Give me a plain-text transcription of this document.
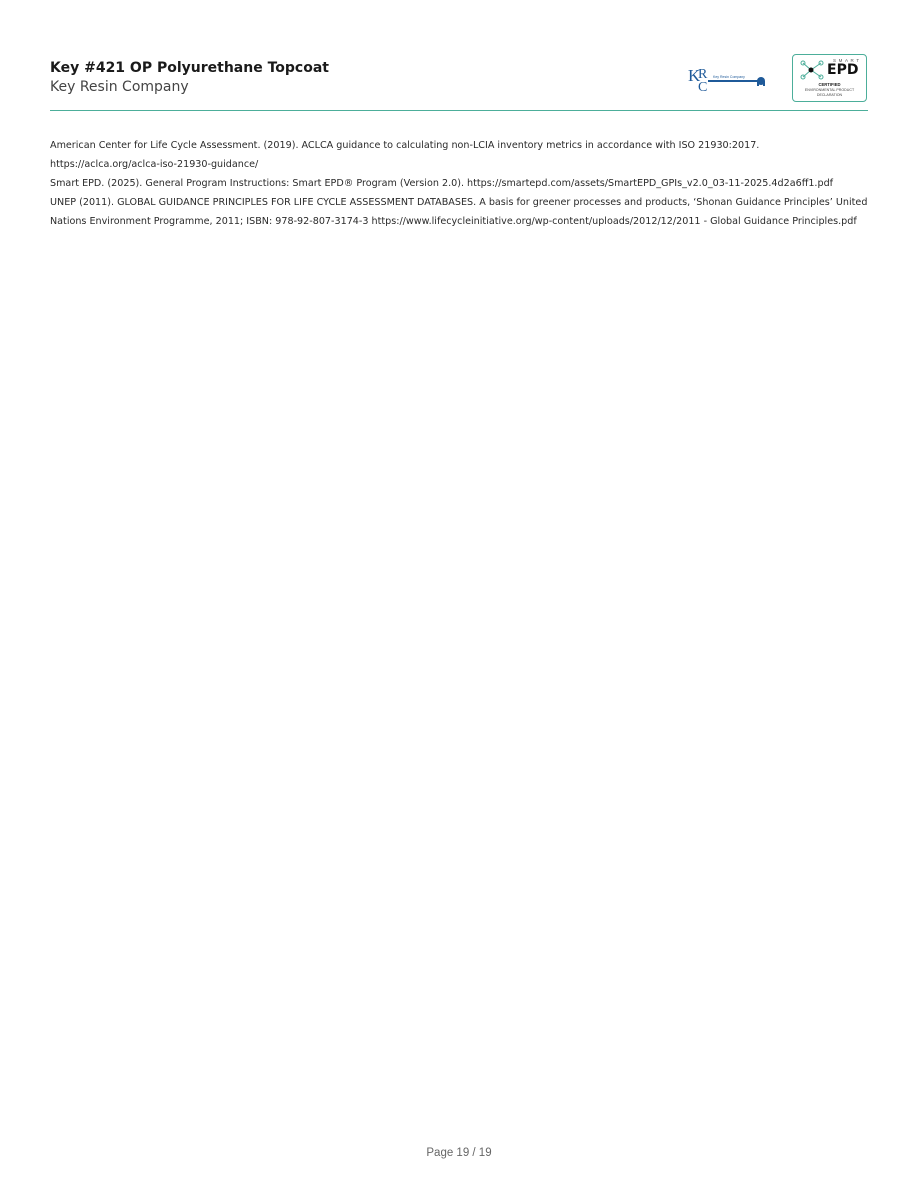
Key #421 OP Polyurethane Topcoat
Key Resin Company
K
R
C
Key Resin Company
SMART
EPD
CERTIFIED
ENVIRONMENTAL PRODUCT
DECLARATION

American Center for Life Cycle Assessment. (2019). ACLCA guidance to calculating non-LCIA inventory metrics in accordance with ISO 21930:2017. https://aclca.org/aclca-iso-21930-guidance/

Smart EPD. (2025). General Program Instructions: Smart EPD® Program (Version 2.0). https://smartepd.com/assets/SmartEPD_GPIs_v2.0_03-11-2025.4d2a6ff1.pdf

UNEP (2011). GLOBAL GUIDANCE PRINCIPLES FOR LIFE CYCLE ASSESSMENT DATABASES. A basis for greener processes and products, ‘Shonan Guidance Principles’ United Nations Environment Programme, 2011; ISBN: 978-92-807-3174-3 https://www.lifecycleinitiative.org/wp-content/uploads/2012/12/2011 - Global Guidance Principles.pdf

Page 19 / 19
